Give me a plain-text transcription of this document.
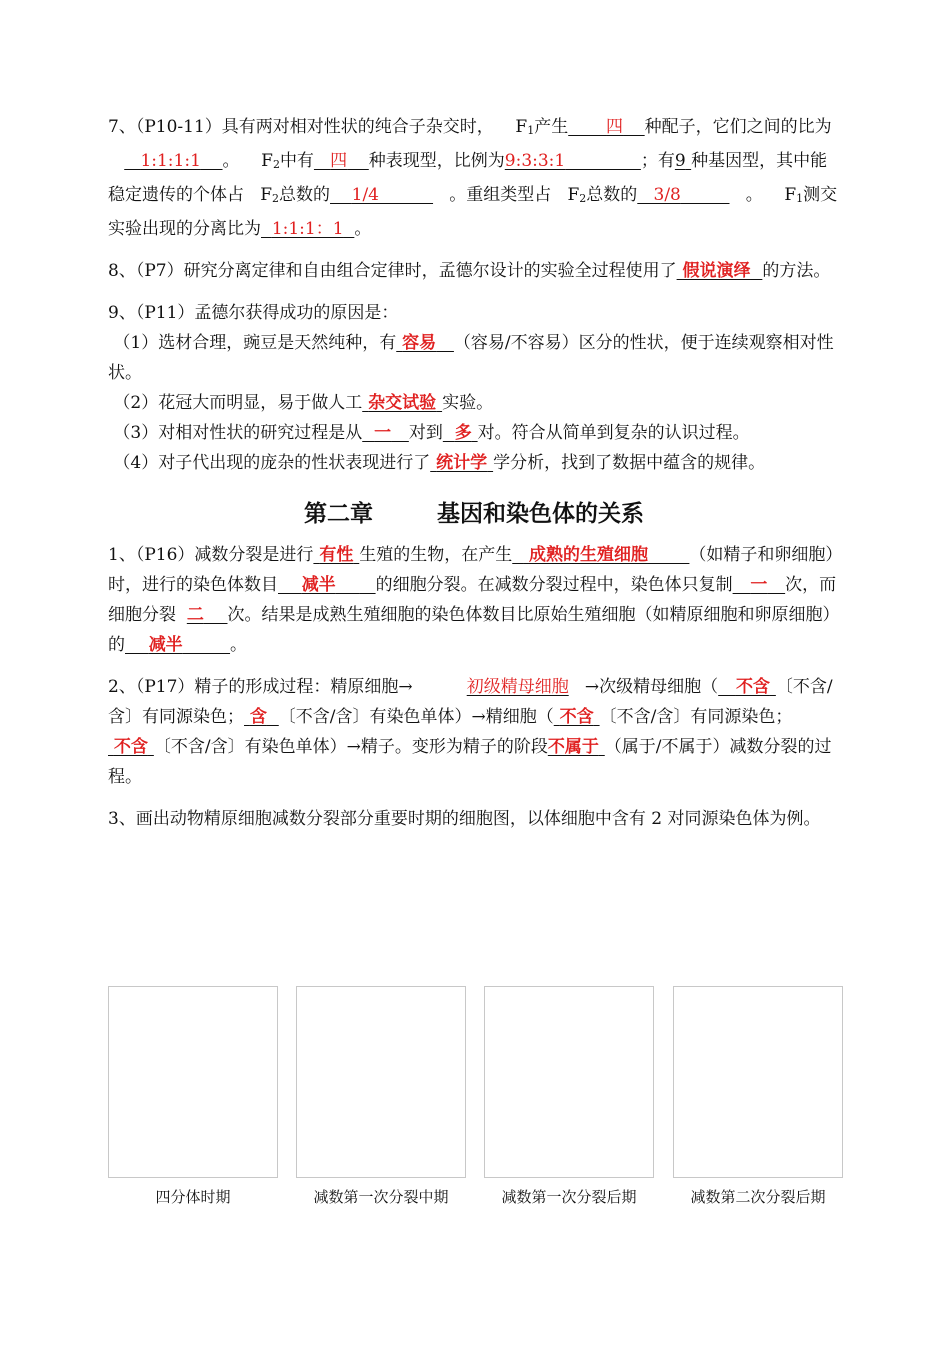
7、（P10-11）具有两对相对性状的纯合子杂交时， F1产生 四 种配子，它们之间的比为      1:1:1:1 。 F2中有 四 种表现型，比例为9:3:3:1	；有9 种基因型，其中能稳定遗传的个体占 F2总数的 1/4	。重组类型占 F2总数的 3/8	。 F1测交实验出现的分离比为 1:1:1：1 。

8、（P7）研究分离定律和自由组合定律时，孟德尔设计的实验全过程使用了 假说演绎 的方法。

9、（P11）孟德尔获得成功的原因是：

（1）选材合理，豌豆是天然纯种，有 容易 （容易/不容易）区分的性状，便于连续观察相对性状。

（2）花冠大而明显，易于做人工 杂交试验 实验。

（3）对相对性状的研究过程是从 一 对到 多 对。符合从简单到复杂的认识过程。

（4）对子代出现的庞杂的性状表现进行了 统计学 学分析，找到了数据中蕴含的规律。

第二章	基因和染色体的关系

1、（P16）减数分裂是进行 有性 生殖的生物，在产生 成熟的生殖细胞 （如精子和卵细胞）时，进行的染色体数目 减半 的细胞分裂。在减数分裂过程中，染色体只复制 一 次，而细胞分裂 二 次。结果是成熟生殖细胞的染色体数目比原始生殖细胞（如精原细胞和卵原细胞）的 减半	。

2、（P17）精子的形成过程：精原细胞→	初级精母细胞 →次级精母细胞（ 不含 〔不含/含〕有同源染色； 含 〔不含/含〕有染色单体）→精细胞（ 不含 〔不含/含〕有同源染色； 不含 〔不含/含〕有染色单体）→精子。变形为精子的阶段不属于 （属于/不属于）减数分裂的过程。

3、画出动物精原细胞减数分裂部分重要时期的细胞图，以体细胞中含有 2 对同源染色体为例。

四分体时期	减数第一次分裂中期	减数第一次分裂后期	减数第二次分裂后期
